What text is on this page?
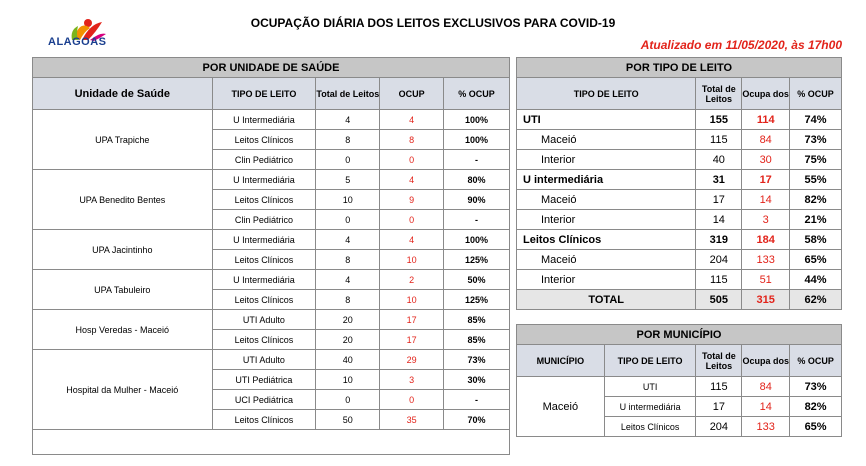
ALAGOAS
OCUPAÇÃO DIÁRIA DOS LEITOS EXCLUSIVOS PARA COVID-19
Atualizado em 11/05/2020, às 17h00
POR UNIDADE DE SAÚDE				
Unidade de Saúde	TIPO DE LEITO	Total de Leitos	OCUP	% OCUP
UPA Trapiche	U Intermediária	4	4	100%
	Leitos Clínicos	8	8	100%
	Clin Pediátrico	0	0	-
UPA Benedito Bentes	U Intermediária	5	4	80%
	Leitos Clínicos	10	9	90%
	Clin Pediátrico	0	0	-
UPA Jacintinho	U Intermediária	4	4	100%
	Leitos Clínicos	8	10	125%
UPA Tabuleiro	U Intermediária	4	2	50%
	Leitos Clínicos	8	10	125%
Hosp Veredas - Maceió	UTI Adulto	20	17	85%
	Leitos Clínicos	20	17	85%
Hospital da Mulher - Maceió	UTI Adulto	40	29	73%
	UTI Pediátrica	10	3	30%
	UCI Pediátrica	0	0	-
	Leitos Clínicos	50	35	70%

POR TIPO DE LEITO			
TIPO DE LEITO	Total de Leitos	Ocupa dos	% OCUP
UTI	155	114	74%
Maceió	115	84	73%
Interior	40	30	75%
U intermediária	31	17	55%
Maceió	17	14	82%
Interior	14	3	21%
Leitos Clínicos	319	184	58%
Maceió	204	133	65%
Interior	115	51	44%
TOTAL	505	315	62%
POR MUNICÍPIO				
MUNICÍPIO	TIPO DE LEITO	Total de Leitos	Ocupa dos	% OCUP
Maceió	UTI	115	84	73%
	U intermediária	17	14	82%
	Leitos Clínicos	204	133	65%
